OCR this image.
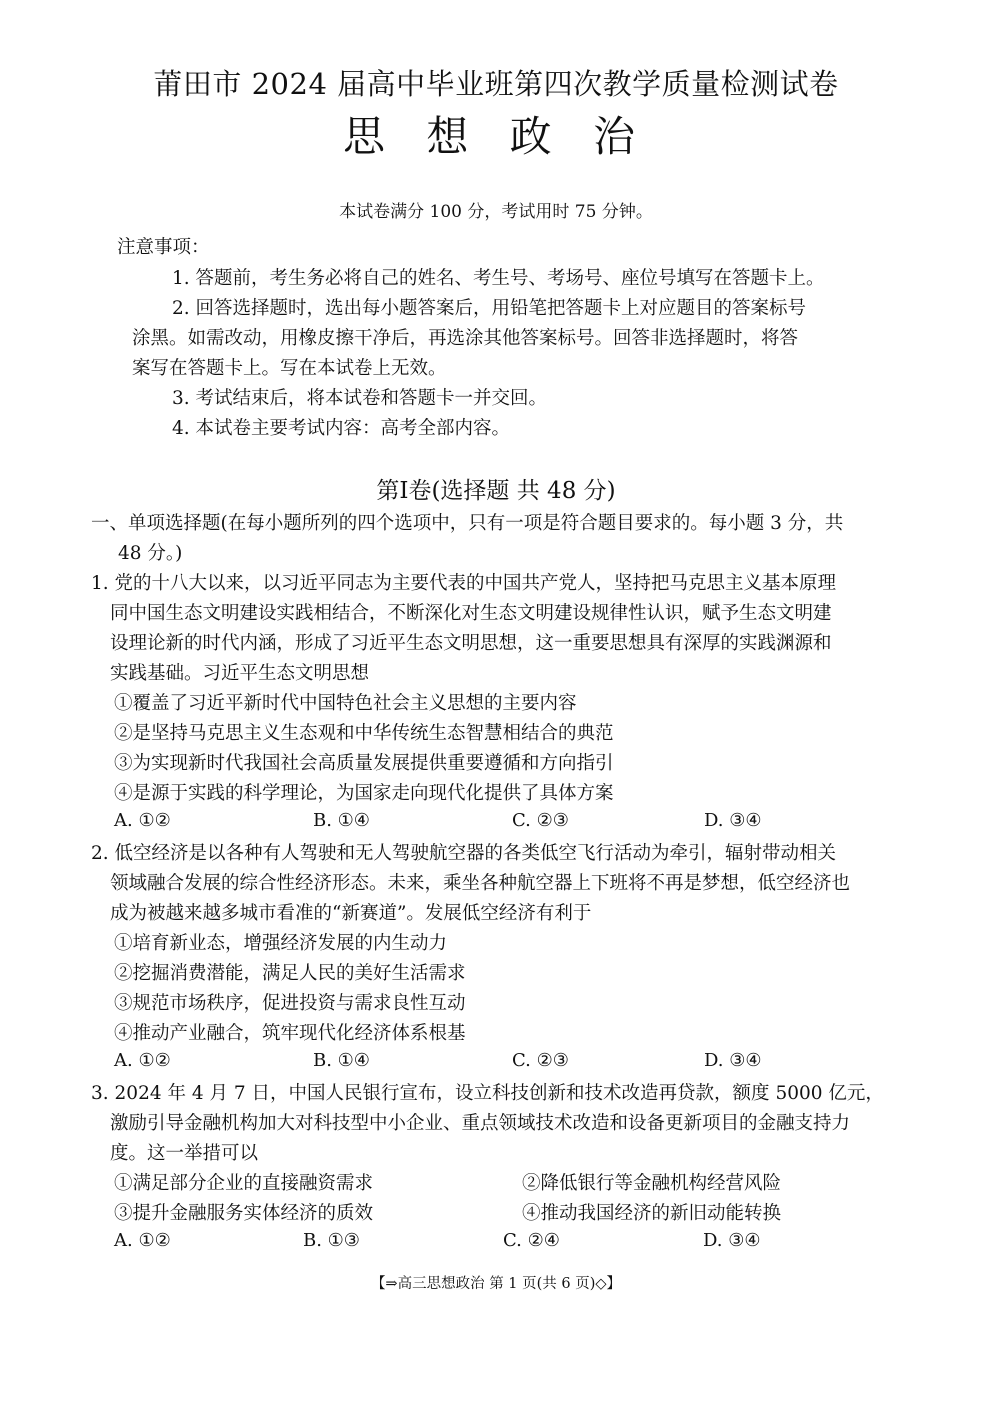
莆田市 2024 届高中毕业班第四次教学质量检测试卷
思 想 政 治
本试卷满分 100 分，考试用时 75 分钟。
注意事项：
1. 答题前，考生务必将自己的姓名、考生号、考场号、座位号填写在答题卡上。
2. 回答选择题时，选出每小题答案后，用铅笔把答题卡上对应题目的答案标号
涂黑。如需改动，用橡皮擦干净后，再选涂其他答案标号。回答非选择题时，将答
案写在答题卡上。写在本试卷上无效。
3. 考试结束后，将本试卷和答题卡一并交回。
4. 本试卷主要考试内容：高考全部内容。
第Ⅰ卷(选择题 共 48 分)
一、单项选择题(在每小题所列的四个选项中，只有一项是符合题目要求的。每小题 3 分，共
48 分。)
1. 党的十八大以来，以习近平同志为主要代表的中国共产党人，坚持把马克思主义基本原理
同中国生态文明建设实践相结合，不断深化对生态文明建设规律性认识，赋予生态文明建
设理论新的时代内涵，形成了习近平生态文明思想，这一重要思想具有深厚的实践渊源和
实践基础。习近平生态文明思想
①覆盖了习近平新时代中国特色社会主义思想的主要内容
②是坚持马克思主义生态观和中华传统生态智慧相结合的典范
③为实现新时代我国社会高质量发展提供重要遵循和方向指引
④是源于实践的科学理论，为国家走向现代化提供了具体方案
A. ①②	B. ①④	C. ②③	D. ③④
2. 低空经济是以各种有人驾驶和无人驾驶航空器的各类低空飞行活动为牵引，辐射带动相关
领域融合发展的综合性经济形态。未来，乘坐各种航空器上下班将不再是梦想，低空经济也
成为被越来越多城市看准的“新赛道”。发展低空经济有利于
①培育新业态，增强经济发展的内生动力
②挖掘消费潜能，满足人民的美好生活需求
③规范市场秩序，促进投资与需求良性互动
④推动产业融合，筑牢现代化经济体系根基
A. ①②	B. ①④	C. ②③	D. ③④
3. 2024 年 4 月 7 日，中国人民银行宣布，设立科技创新和技术改造再贷款，额度 5000 亿元，
激励引导金融机构加大对科技型中小企业、重点领域技术改造和设备更新项目的金融支持力
度。这一举措可以
①满足部分企业的直接融资需求	②降低银行等金融机构经营风险
③提升金融服务实体经济的质效	④推动我国经济的新旧动能转换
A. ①②	B. ①③	C. ②④	D. ③④
【⇒高三思想政治 第 1 页(共 6 页)◇】
